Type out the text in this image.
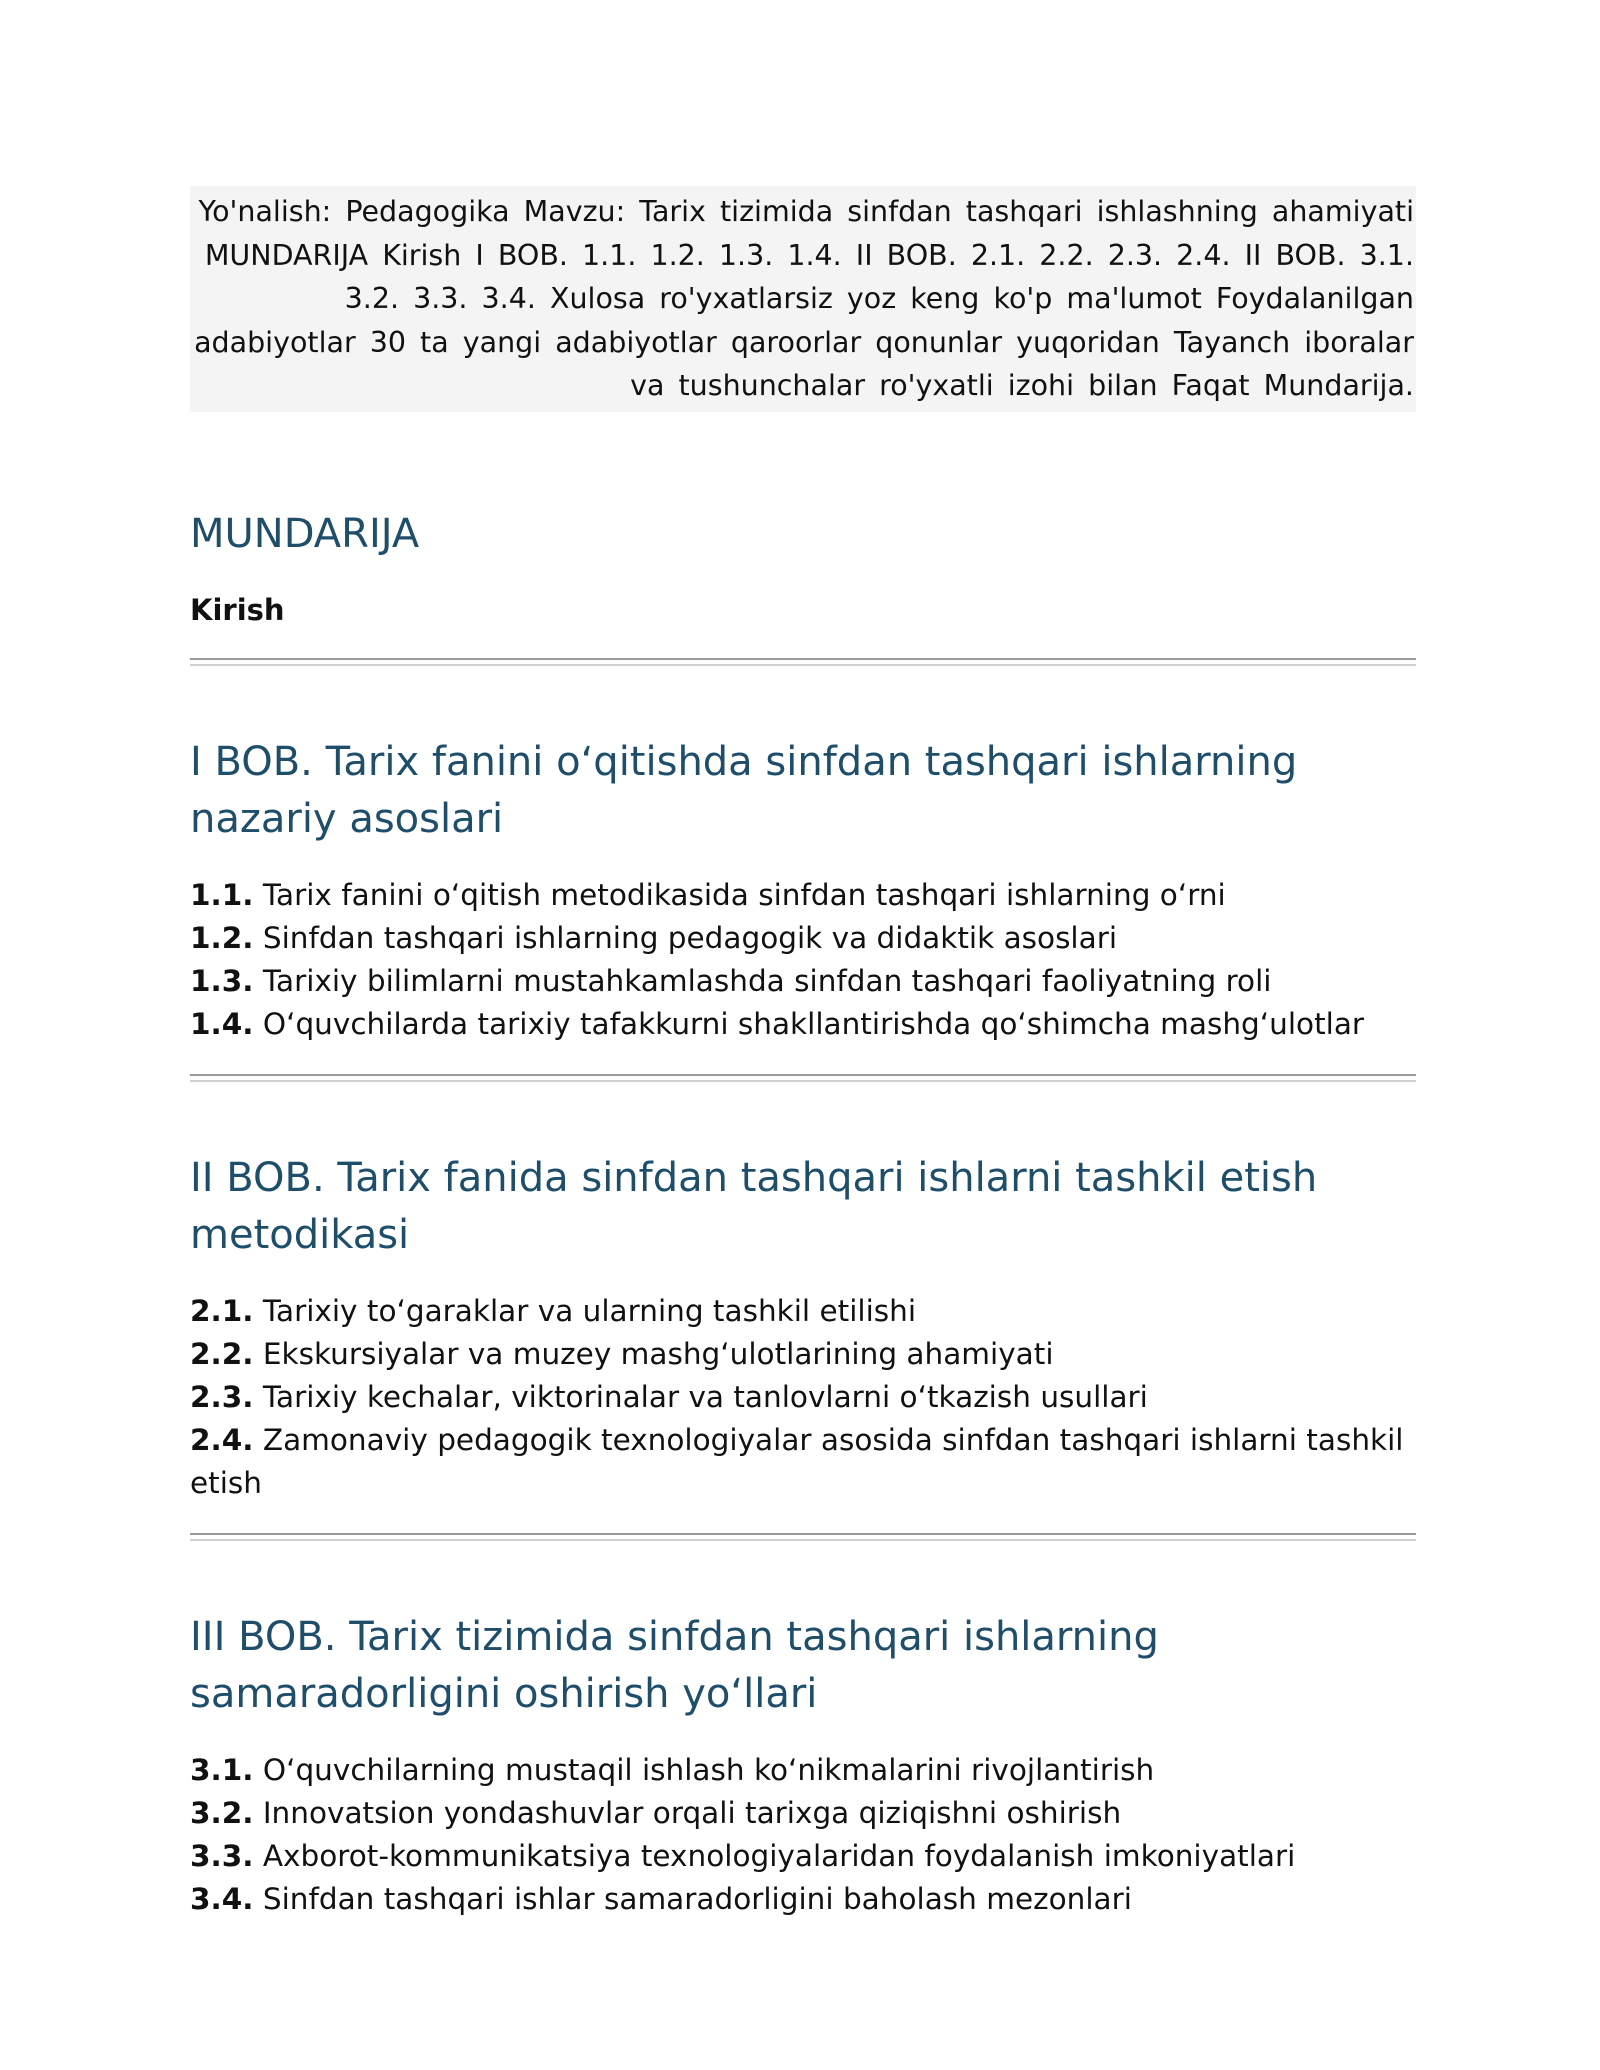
Yo'nalish: Pedagogika Mavzu: Tarix tizimida sinfdan tashqari ishlashning ahamiyati MUNDARIJA Kirish I BOB. 1.1. 1.2. 1.3. 1.4. II BOB. 2.1. 2.2. 2.3. 2.4. II BOB. 3.1. 3.2. 3.3. 3.4. Xulosa ro'yxatlarsiz yoz keng ko'p ma'lumot Foydalanilgan adabiyotlar 30 ta yangi adabiyotlar qaroorlar qonunlar yuqoridan Tayanch iboralar va tushunchalar ro'yxatli izohi bilan Faqat Mundarija.
MUNDARIJA
Kirish
I BOB. Tarix fanini oʻqitishda sinfdan tashqari ishlarning nazariy asoslari
1.1. Tarix fanini oʻqitish metodikasida sinfdan tashqari ishlarning oʻrni
1.2. Sinfdan tashqari ishlarning pedagogik va didaktik asoslari
1.3. Tarixiy bilimlarni mustahkamlashda sinfdan tashqari faoliyatning roli
1.4. Oʻquvchilarda tarixiy tafakkurni shakllantirishda qoʻshimcha mashgʻulotlar
II BOB. Tarix fanida sinfdan tashqari ishlarni tashkil etish metodikasi
2.1. Tarixiy toʻgaraklar va ularning tashkil etilishi
2.2. Ekskursiyalar va muzey mashgʻulotlarining ahamiyati
2.3. Tarixiy kechalar, viktorinalar va tanlovlarni oʻtkazish usullari
2.4. Zamonaviy pedagogik texnologiyalar asosida sinfdan tashqari ishlarni tashkil etish
III BOB. Tarix tizimida sinfdan tashqari ishlarning samaradorligini oshirish yoʻllari
3.1. Oʻquvchilarning mustaqil ishlash koʻnikmalarini rivojlantirish
3.2. Innovatsion yondashuvlar orqali tarixga qiziqishni oshirish
3.3. Axborot-kommunikatsiya texnologiyalaridan foydalanish imkoniyatlari
3.4. Sinfdan tashqari ishlar samaradorligini baholash mezonlari
